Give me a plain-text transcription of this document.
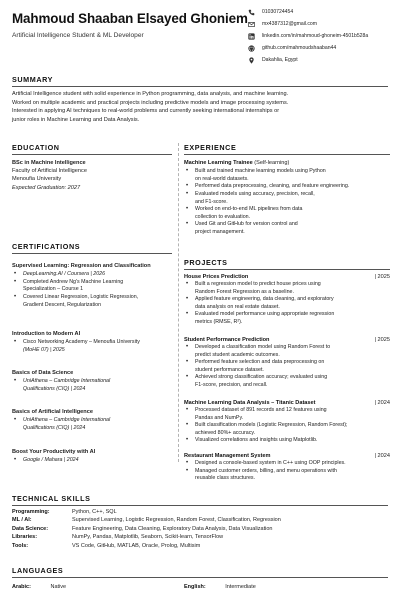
Mahmoud Shaaban Elsayed Ghoniem
Artificial Intelligence Student & ML Developer
01030724454
mx4387312@gmail.com
linkedin.com/in/mahmoud-ghoneim-4501b528a
github.com/mahmoudshaaban44
Dakahlia, Egypt
SUMMARY
Artificial Intelligence student with solid experience in Python programming, data analysis, and machine learning.
Worked on multiple academic and practical projects including predictive models and image processing systems.
Interested in applying AI techniques to real-world problems and currently seeking international internships or
junior roles in Machine Learning and Data Analysis.
EDUCATION
BSc in Machine Intelligence
Faculty of Artificial Intelligence
Menoufia University
Expected Graduation: 2027
CERTIFICATIONS
Supervised Learning: Regression and Classification
• DeepLearning.AI / Coursera | 2026
• Completed Andrew Ng's Machine Learning
Specialization – Course 1
• Covered Linear Regression, Logistic Regression,
Gradient Descent, Regularization
Introduction to Modern AI
• Cisco Networking Academy – Menoufia University
(MoHE 07) | 2025
Basics of Data Science
• UniAthena – Cambridge International
Qualifications (CIQ) | 2024
Basics of Artificial Intelligence
• UniAthena – Cambridge International
Qualifications (CIQ) | 2024
Boost Your Productivity with AI
• Google / Mahara | 2024
EXPERIENCE
Machine Learning Trainee (Self-learning)
• Built and trained machine learning models using Python
on real-world datasets.
• Performed data preprocessing, cleaning, and feature engineering.
• Evaluated models using accuracy, precision, recall,
and F1-score.
• Worked on end-to-end ML pipelines from data
collection to evaluation.
• Used Git and GitHub for version control and
project management.
PROJECTS
House Prices Prediction	| 2025
• Built a regression model to predict house prices using
Random Forest Regression as a baseline.
• Applied feature engineering, data cleaning, and exploratory
data analysis on real estate dataset.
• Evaluated model performance using appropriate regression
metrics (RMSE, R²).
Student Performance Prediction	| 2025
• Developed a classification model using Random Forest to
predict student academic outcomes.
• Performed feature selection and data preprocessing on
student performance dataset.
• Achieved strong classification accuracy; evaluated using
F1-score, precision, and recall.
Machine Learning Data Analysis – Titanic Dataset	| 2024
• Processed dataset of 891 records and 12 features using
Pandas and NumPy.
• Built classification models (Logistic Regression, Random Forest);
achieved 80%+ accuracy.
• Visualized correlations and insights using Matplotlib.
Restaurant Management System	| 2024
• Designed a console-based system in C++ using OOP principles.
• Managed customer orders, billing, and menu operations with
reusable class structures.
TECHNICAL SKILLS
Programming:	Python, C++, SQL
ML / AI:	Supervised Learning, Logistic Regression, Random Forest, Classification, Regression
Data Science:	Feature Engineering, Data Cleaning, Exploratory Data Analysis, Data Visualization
Libraries:	NumPy, Pandas, Matplotlib, Seaborn, Scikit-learn, TensorFlow
Tools:	VS Code, GitHub, MATLAB, Oracle, Prolog, Multisim
LANGUAGES
Arabic:	Native	English:	Intermediate
